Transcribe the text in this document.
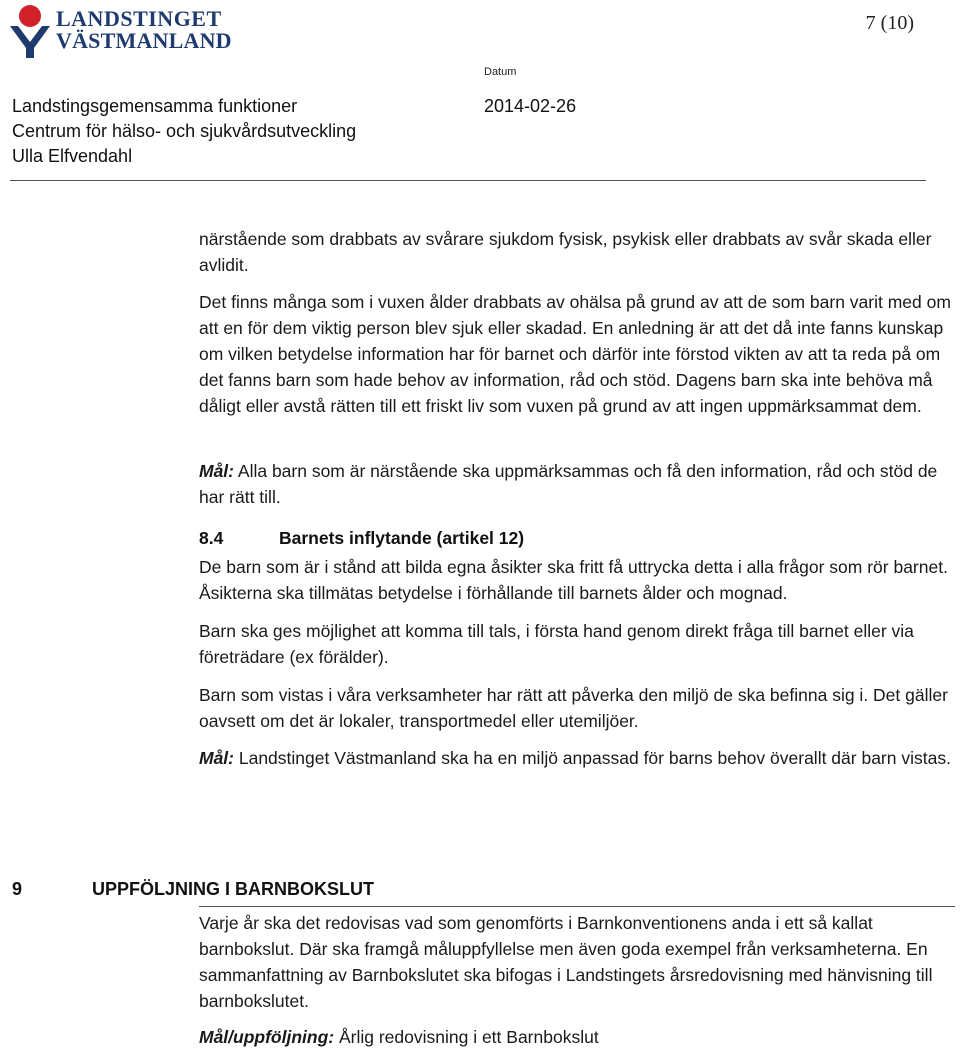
LANDSTINGET
VÄSTMANLAND
7 (10)
Datum
Landstingsgemensamma funktioner	2014-02-26
Centrum för hälso- och sjukvårdsutveckling
Ulla Elfvendahl
närstående som drabbats av svårare sjukdom fysisk, psykisk eller drabbats av svår skada eller avlidit.
Det finns många som i vuxen ålder drabbats av ohälsa på grund av att de som barn varit med om att en för dem viktig person blev sjuk eller skadad. En anledning är att det då inte fanns kunskap om vilken betydelse information har för barnet och därför inte förstod vikten av att ta reda på om det fanns barn som hade behov av information, råd och stöd. Dagens barn ska inte behöva må dåligt eller avstå rätten till ett friskt liv som vuxen på grund av att ingen uppmärksammat dem.
Mål: Alla barn som är närstående ska uppmärksammas och få den information, råd och stöd de har rätt till.
8.4	Barnets inflytande (artikel 12)
De barn som är i stånd att bilda egna åsikter ska fritt få uttrycka detta i alla frågor som rör barnet. Åsikterna ska tillmätas betydelse i förhållande till barnets ålder och mognad.
Barn ska ges möjlighet att komma till tals, i första hand genom direkt fråga till barnet eller via företrädare (ex förälder).
Barn som vistas i våra verksamheter har rätt att påverka den miljö de ska befinna sig i. Det gäller oavsett om det är lokaler, transportmedel eller utemiljöer.
Mål: Landstinget Västmanland ska ha en miljö anpassad för barns behov överallt där barn vistas.
9	UPPFÖLJNING I BARNBOKSLUT
Varje år ska det redovisas vad som genomförts i Barnkonventionens anda i ett så kallat barnbokslut. Där ska framgå måluppfyllelse men även goda exempel från verksamheterna. En sammanfattning av Barnbokslutet ska bifogas i Landstingets årsredovisning med hänvisning till barnbokslutet.
Mål/uppföljning: Årlig redovisning i ett Barnbokslut
